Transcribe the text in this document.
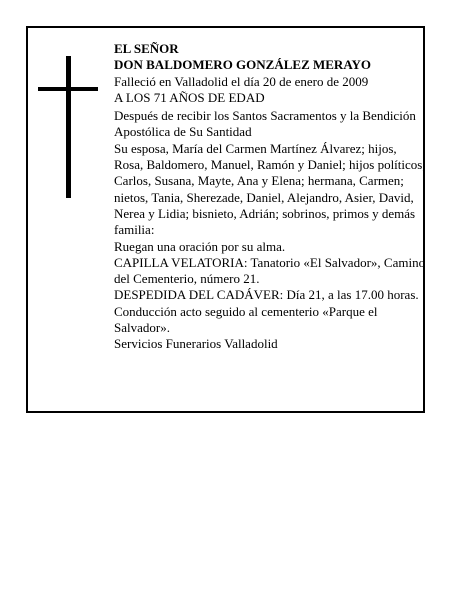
EL SEÑOR

DON BALDOMERO GONZÁLEZ MERAYO

Falleció en Valladolid el día 20 de enero de 2009

A LOS 71 AÑOS DE EDAD

Después de recibir los Santos Sacramentos y la Bendición Apostólica de Su Santidad

Su esposa, María del Carmen Martínez Álvarez; hijos, Rosa, Baldomero, Manuel, Ramón y Daniel; hijos políticos, Carlos, Susana, Mayte, Ana y Elena; hermana, Carmen; nietos, Tania, Sherezade, Daniel, Alejandro, Asier, David, Nerea y Lidia; bisnieto, Adrián; sobrinos, primos y demás familia:

Ruegan una oración por su alma.

CAPILLA VELATORIA: Tanatorio «El Salvador», Camino del Cementerio, número 21.

DESPEDIDA DEL CADÁVER: Día 21, a las 17.00 horas. Conducción acto seguido al cementerio «Parque el Salvador».

Servicios Funerarios Valladolid
